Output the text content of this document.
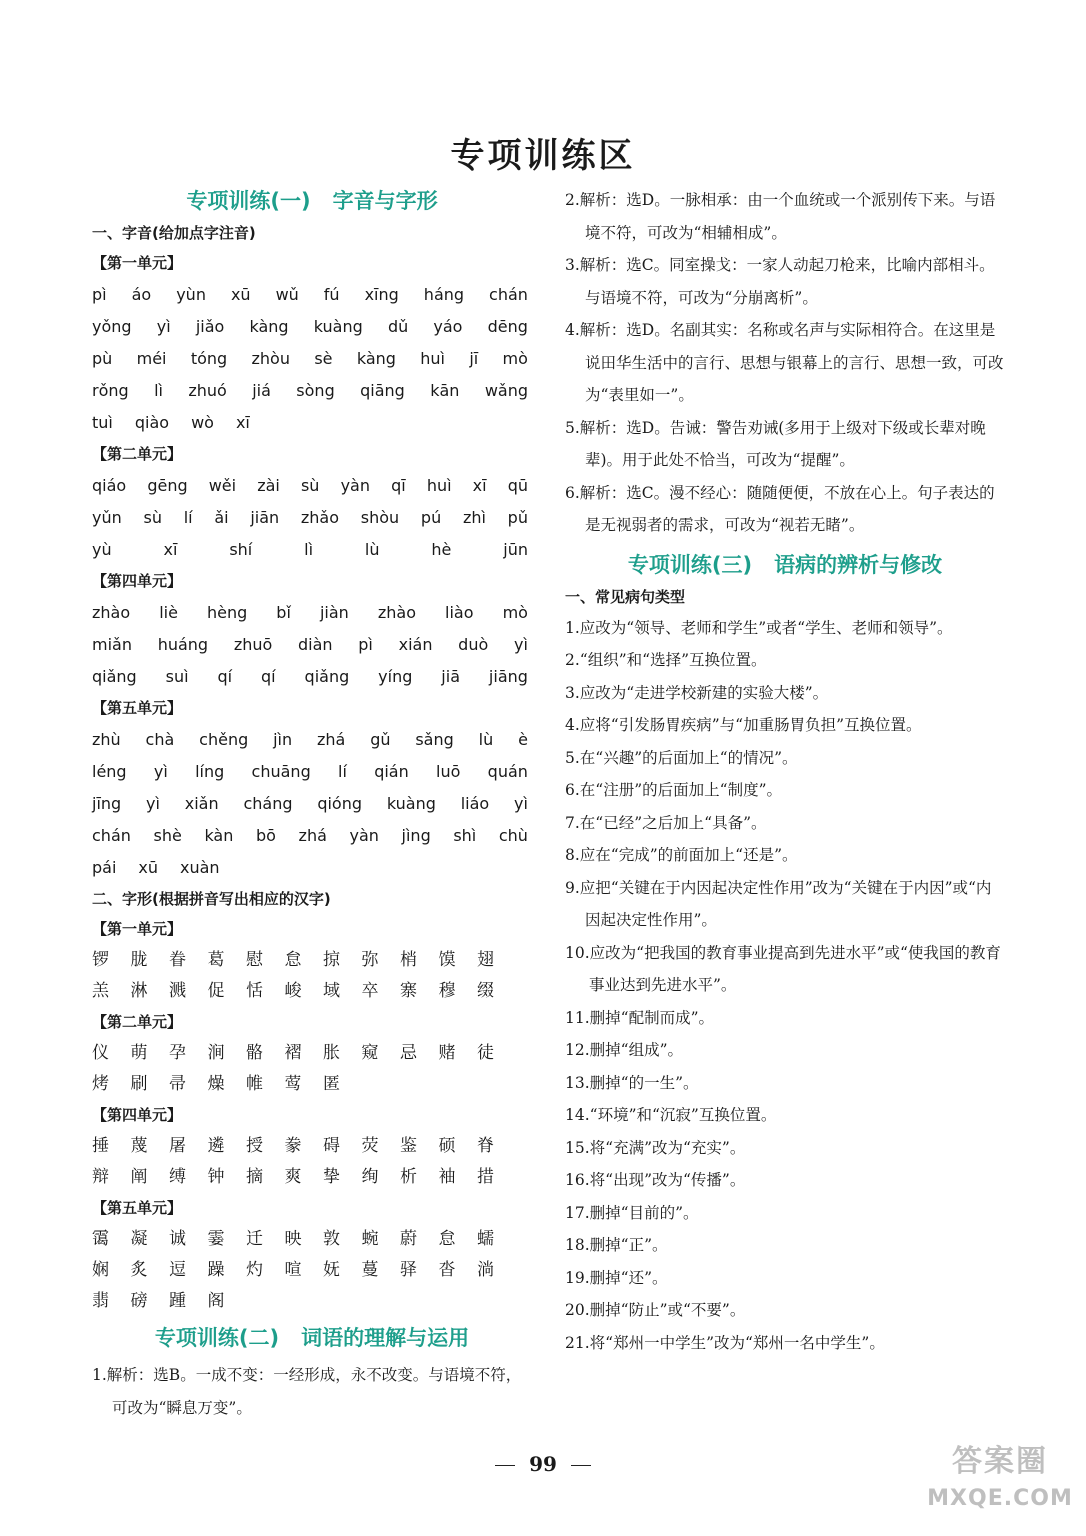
专项训练区
专项训练(一) 字音与字形
一、字音(给加点字注音)
【第一单元】
pì áo yùn xū wǔ fú xīng háng chán
yǒng yì jiǎo kàng kuàng dǔ yáo dēng
pù méi tóng zhòu sè kàng huì jī mò
rǒng lì zhuó jiá sòng qiāng kān wǎng
tuì qiào wò xī
【第二单元】
qiáo gēng wěi zài sù yàn qī huì xī qū
yǔn sù lí ǎi jiān zhǎo shòu pú zhì pǔ
yù	xī	shí	lì	lù	hè	jūn
【第四单元】
zhào liè hèng bǐ jiàn zhào liào mò
miǎn huáng zhuō diàn pì xián duò yì
qiǎng suì qí qí qiǎng yíng jiā jiāng
【第五单元】
zhù chà chěng jìn zhá gǔ sǎng lù è
léng yì líng chuāng lí qián luō quán
jīng yì xiǎn cháng qióng kuàng liáo yì
chán shè kàn bō zhá yàn jìng shì chù
pái xū xuàn
二、字形(根据拼音写出相应的汉字)
【第一单元】
锣	胧	眷	葛	慰	怠	掠	弥	梢	馍	翅
羔	淋	溅	促	恬	峻	域	卒	寨	穆	缀
【第二单元】
仪	萌	孕	涧	骼	褶	胀	窥	忌	赌	徒
烤	刷	帚	燥	帷	莺	匿
【第四单元】
捶	蔑	屠	遴	授	豢	碍	荧	鉴	硕	脊
辩	阐	缚	钟	摘	爽	挚	绚	析	袖	措
【第五单元】
霭	凝	诚	霎	迁	映	敦	蜿	蔚	怠	蠕
娴	炙	逗	躁	灼	喧	妩	蔓	驿	沓	淌
翡	磅	踵	阁
专项训练(二) 词语的理解与运用
1.解析：选B。一成不变：一经形成，永不改变。与语境不符，可改为“瞬息万变”。
2.解析：选D。一脉相承：由一个血统或一个派别传下来。与语境不符，可改为“相辅相成”。
3.解析：选C。同室操戈：一家人动起刀枪来，比喻内部相斗。与语境不符，可改为“分崩离析”。
4.解析：选D。名副其实：名称或名声与实际相符合。在这里是说田华生活中的言行、思想与银幕上的言行、思想一致，可改为“表里如一”。
5.解析：选D。告诫：警告劝诫(多用于上级对下级或长辈对晚辈)。用于此处不恰当，可改为“提醒”。
6.解析：选C。漫不经心：随随便便，不放在心上。句子表达的是无视弱者的需求，可改为“视若无睹”。
专项训练(三) 语病的辨析与修改
一、常见病句类型
1.应改为“领导、老师和学生”或者“学生、老师和领导”。
2.“组织”和“选择”互换位置。
3.应改为“走进学校新建的实验大楼”。
4.应将“引发肠胃疾病”与“加重肠胃负担”互换位置。
5.在“兴趣”的后面加上“的情况”。
6.在“注册”的后面加上“制度”。
7.在“已经”之后加上“具备”。
8.应在“完成”的前面加上“还是”。
9.应把“关键在于内因起决定性作用”改为“关键在于内因”或“内因起决定性作用”。
10.应改为“把我国的教育事业提高到先进水平”或“使我国的教育事业达到先进水平”。
11.删掉“配制而成”。
12.删掉“组成”。
13.删掉“的一生”。
14.“环境”和“沉寂”互换位置。
15.将“充满”改为“充实”。
16.将“出现”改为“传播”。
17.删掉“目前的”。
18.删掉“正”。
19.删掉“还”。
20.删掉“防止”或“不要”。
21.将“郑州一中学生”改为“郑州一名中学生”。
99	答案圈
MXQE.COM
